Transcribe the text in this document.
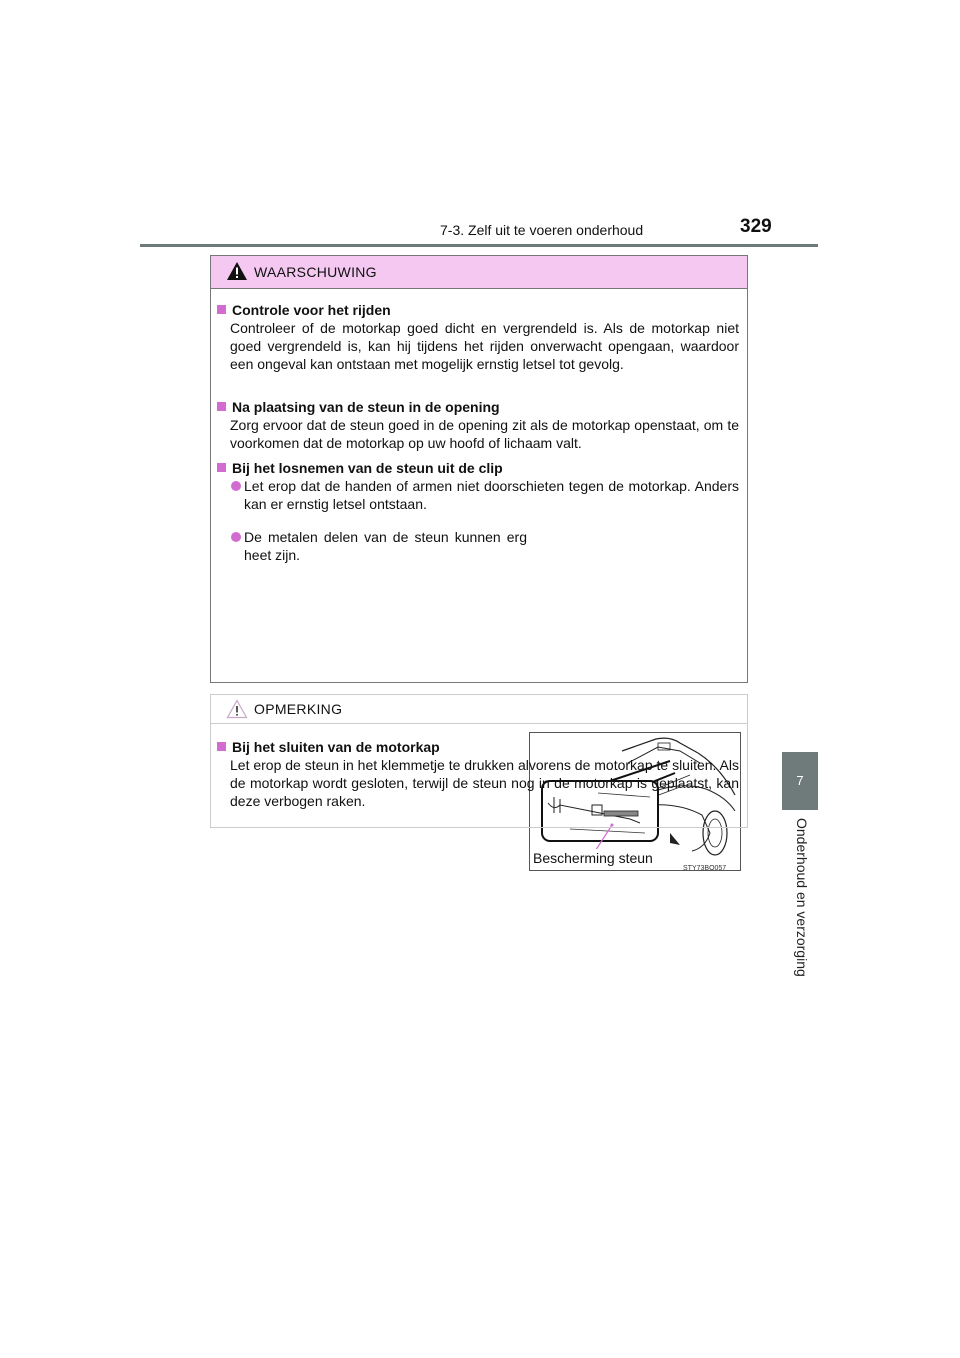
7-3. Zelf uit te voeren onderhoud	329
7
Onderhoud en verzorging
WAARSCHUWING
Controle voor het rijden
Controleer of de motorkap goed dicht en vergrendeld is. Als de motorkap niet goed vergrendeld is, kan hij tijdens het rijden onverwacht opengaan, waardoor een ongeval kan ontstaan met mogelijk ernstig letsel tot gevolg.
Na plaatsing van de steun in de opening
Zorg ervoor dat de steun goed in de opening zit als de motorkap openstaat, om te voorkomen dat de motorkap op uw hoofd of lichaam valt.
Bij het losnemen van de steun uit de clip
Let erop dat de handen of armen niet doorschieten tegen de motorkap. Anders kan er ernstig letsel ontstaan.
De metalen delen van de steun kunnen erg heet zijn.
Bescherming steun
STY73BO057
OPMERKING
Bij het sluiten van de motorkap
Let erop de steun in het klemmetje te drukken alvorens de motorkap te sluiten. Als de motorkap wordt gesloten, terwijl de steun nog in de motorkap is geplaatst, kan deze verbogen raken.
